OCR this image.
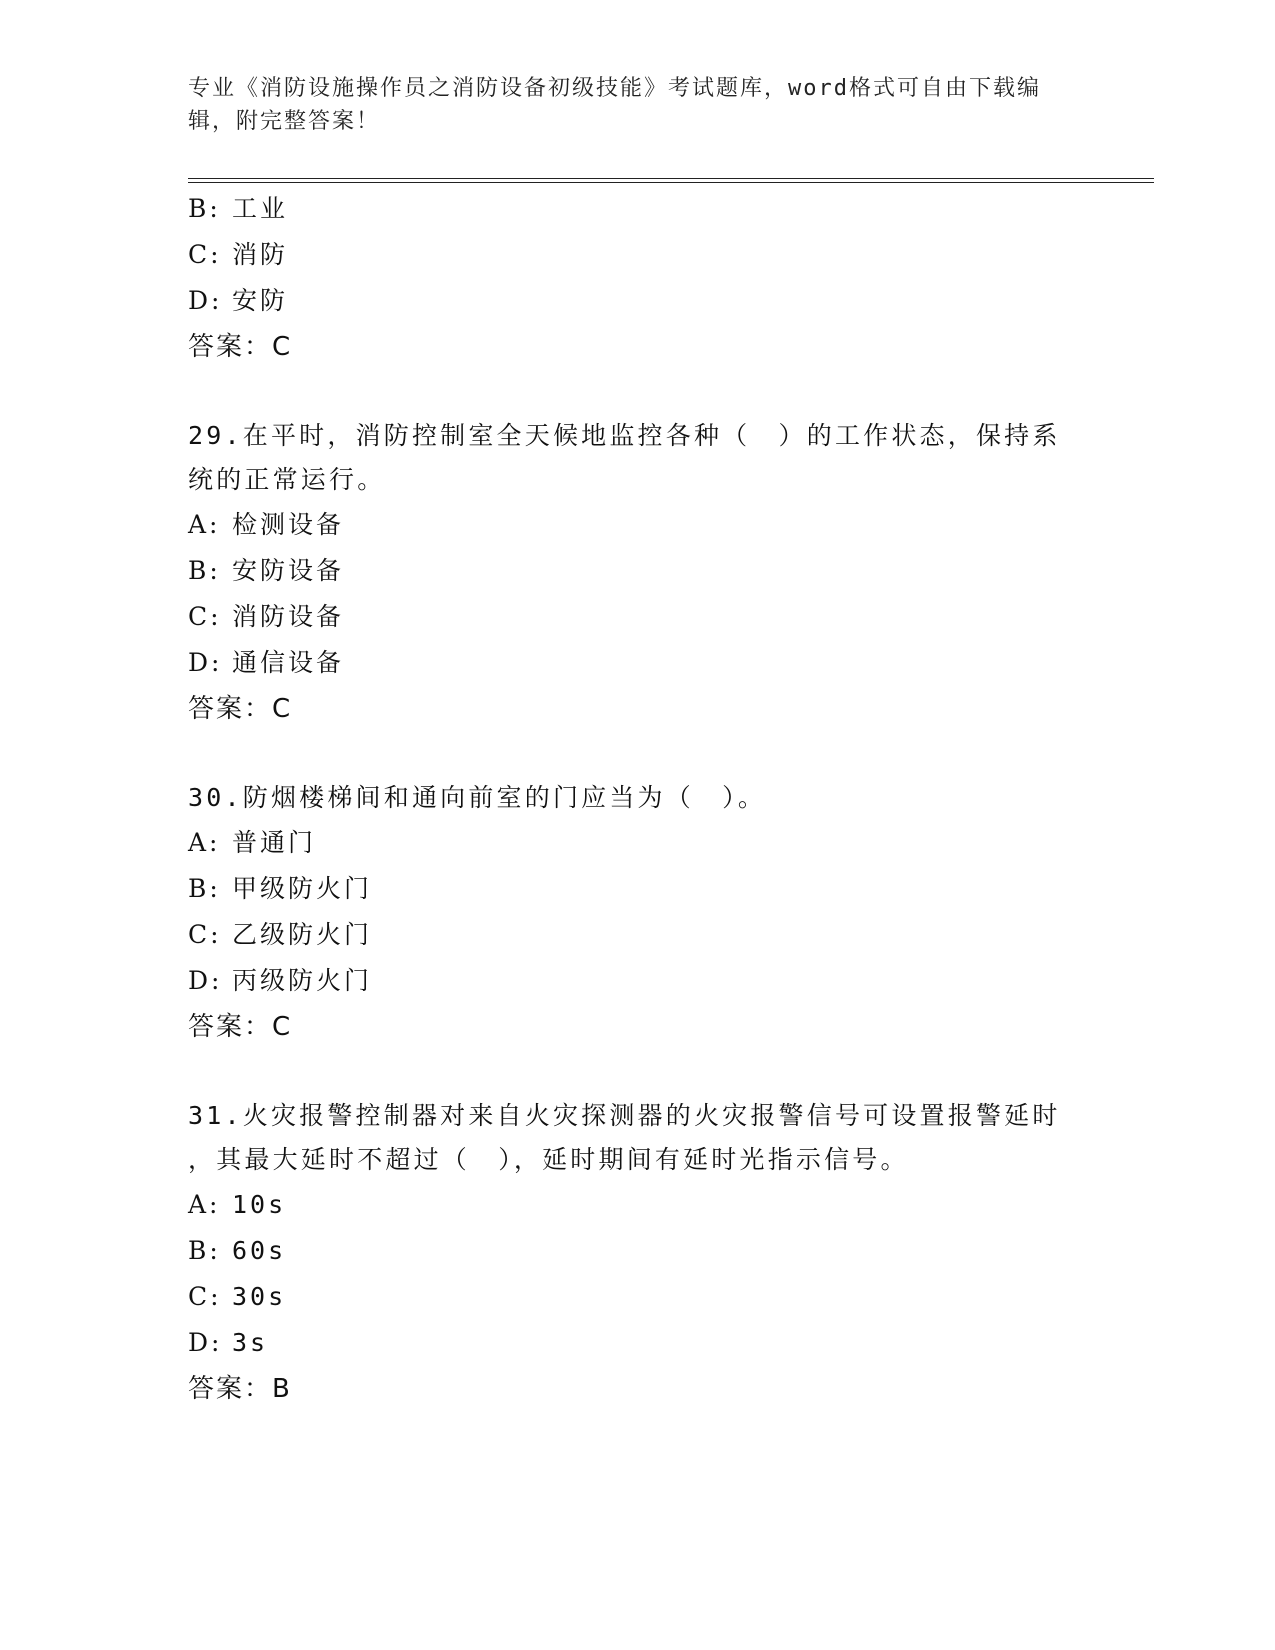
专业《消防设施操作员之消防设备初级技能》考试题库，word格式可自由下载编
辑，附完整答案！
B: 工业
C: 消防
D: 安防
答案：C
29.在平时，消防控制室全天候地监控各种（　）的工作状态，保持系
统的正常运行。
A: 检测设备
B: 安防设备
C: 消防设备
D: 通信设备
答案：C
30.防烟楼梯间和通向前室的门应当为（　）。
A: 普通门
B: 甲级防火门
C: 乙级防火门
D: 丙级防火门
答案：C
31.火灾报警控制器对来自火灾探测器的火灾报警信号可设置报警延时
，其最大延时不超过（　），延时期间有延时光指示信号。
A: 10s
B: 60s
C: 30s
D: 3s
答案：B
